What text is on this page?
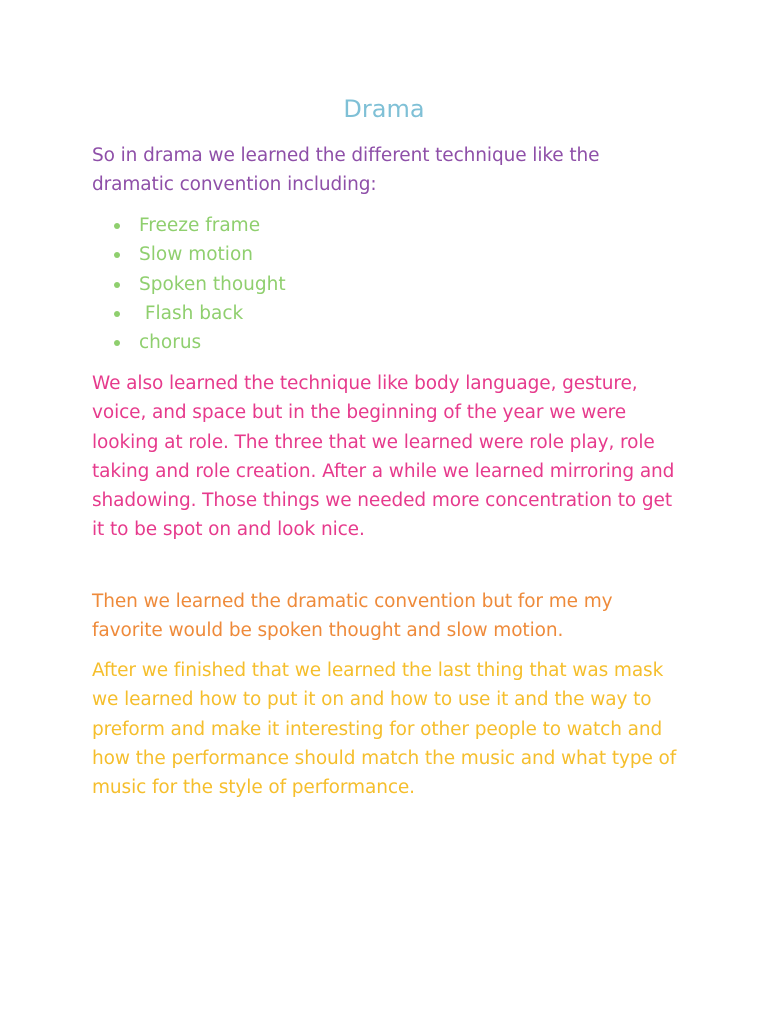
Drama

So in drama we learned the different technique like the dramatic convention including:

Freeze frame
Slow motion
Spoken thought
Flash back
chorus

We also learned the technique like body language, gesture, voice, and space but in the beginning of the year we were looking at role. The three that we learned were role play, role taking and role creation. After a while we learned mirroring and shadowing. Those things we needed more concentration to get it to be spot on and look nice.

Then we learned the dramatic convention but for me my favorite would be spoken thought and slow motion.

After we finished that we learned the last thing that was mask we learned how to put it on and how to use it and the way to preform and make it interesting for other people to watch and how the performance should match the music and what type of music for the style of performance.
